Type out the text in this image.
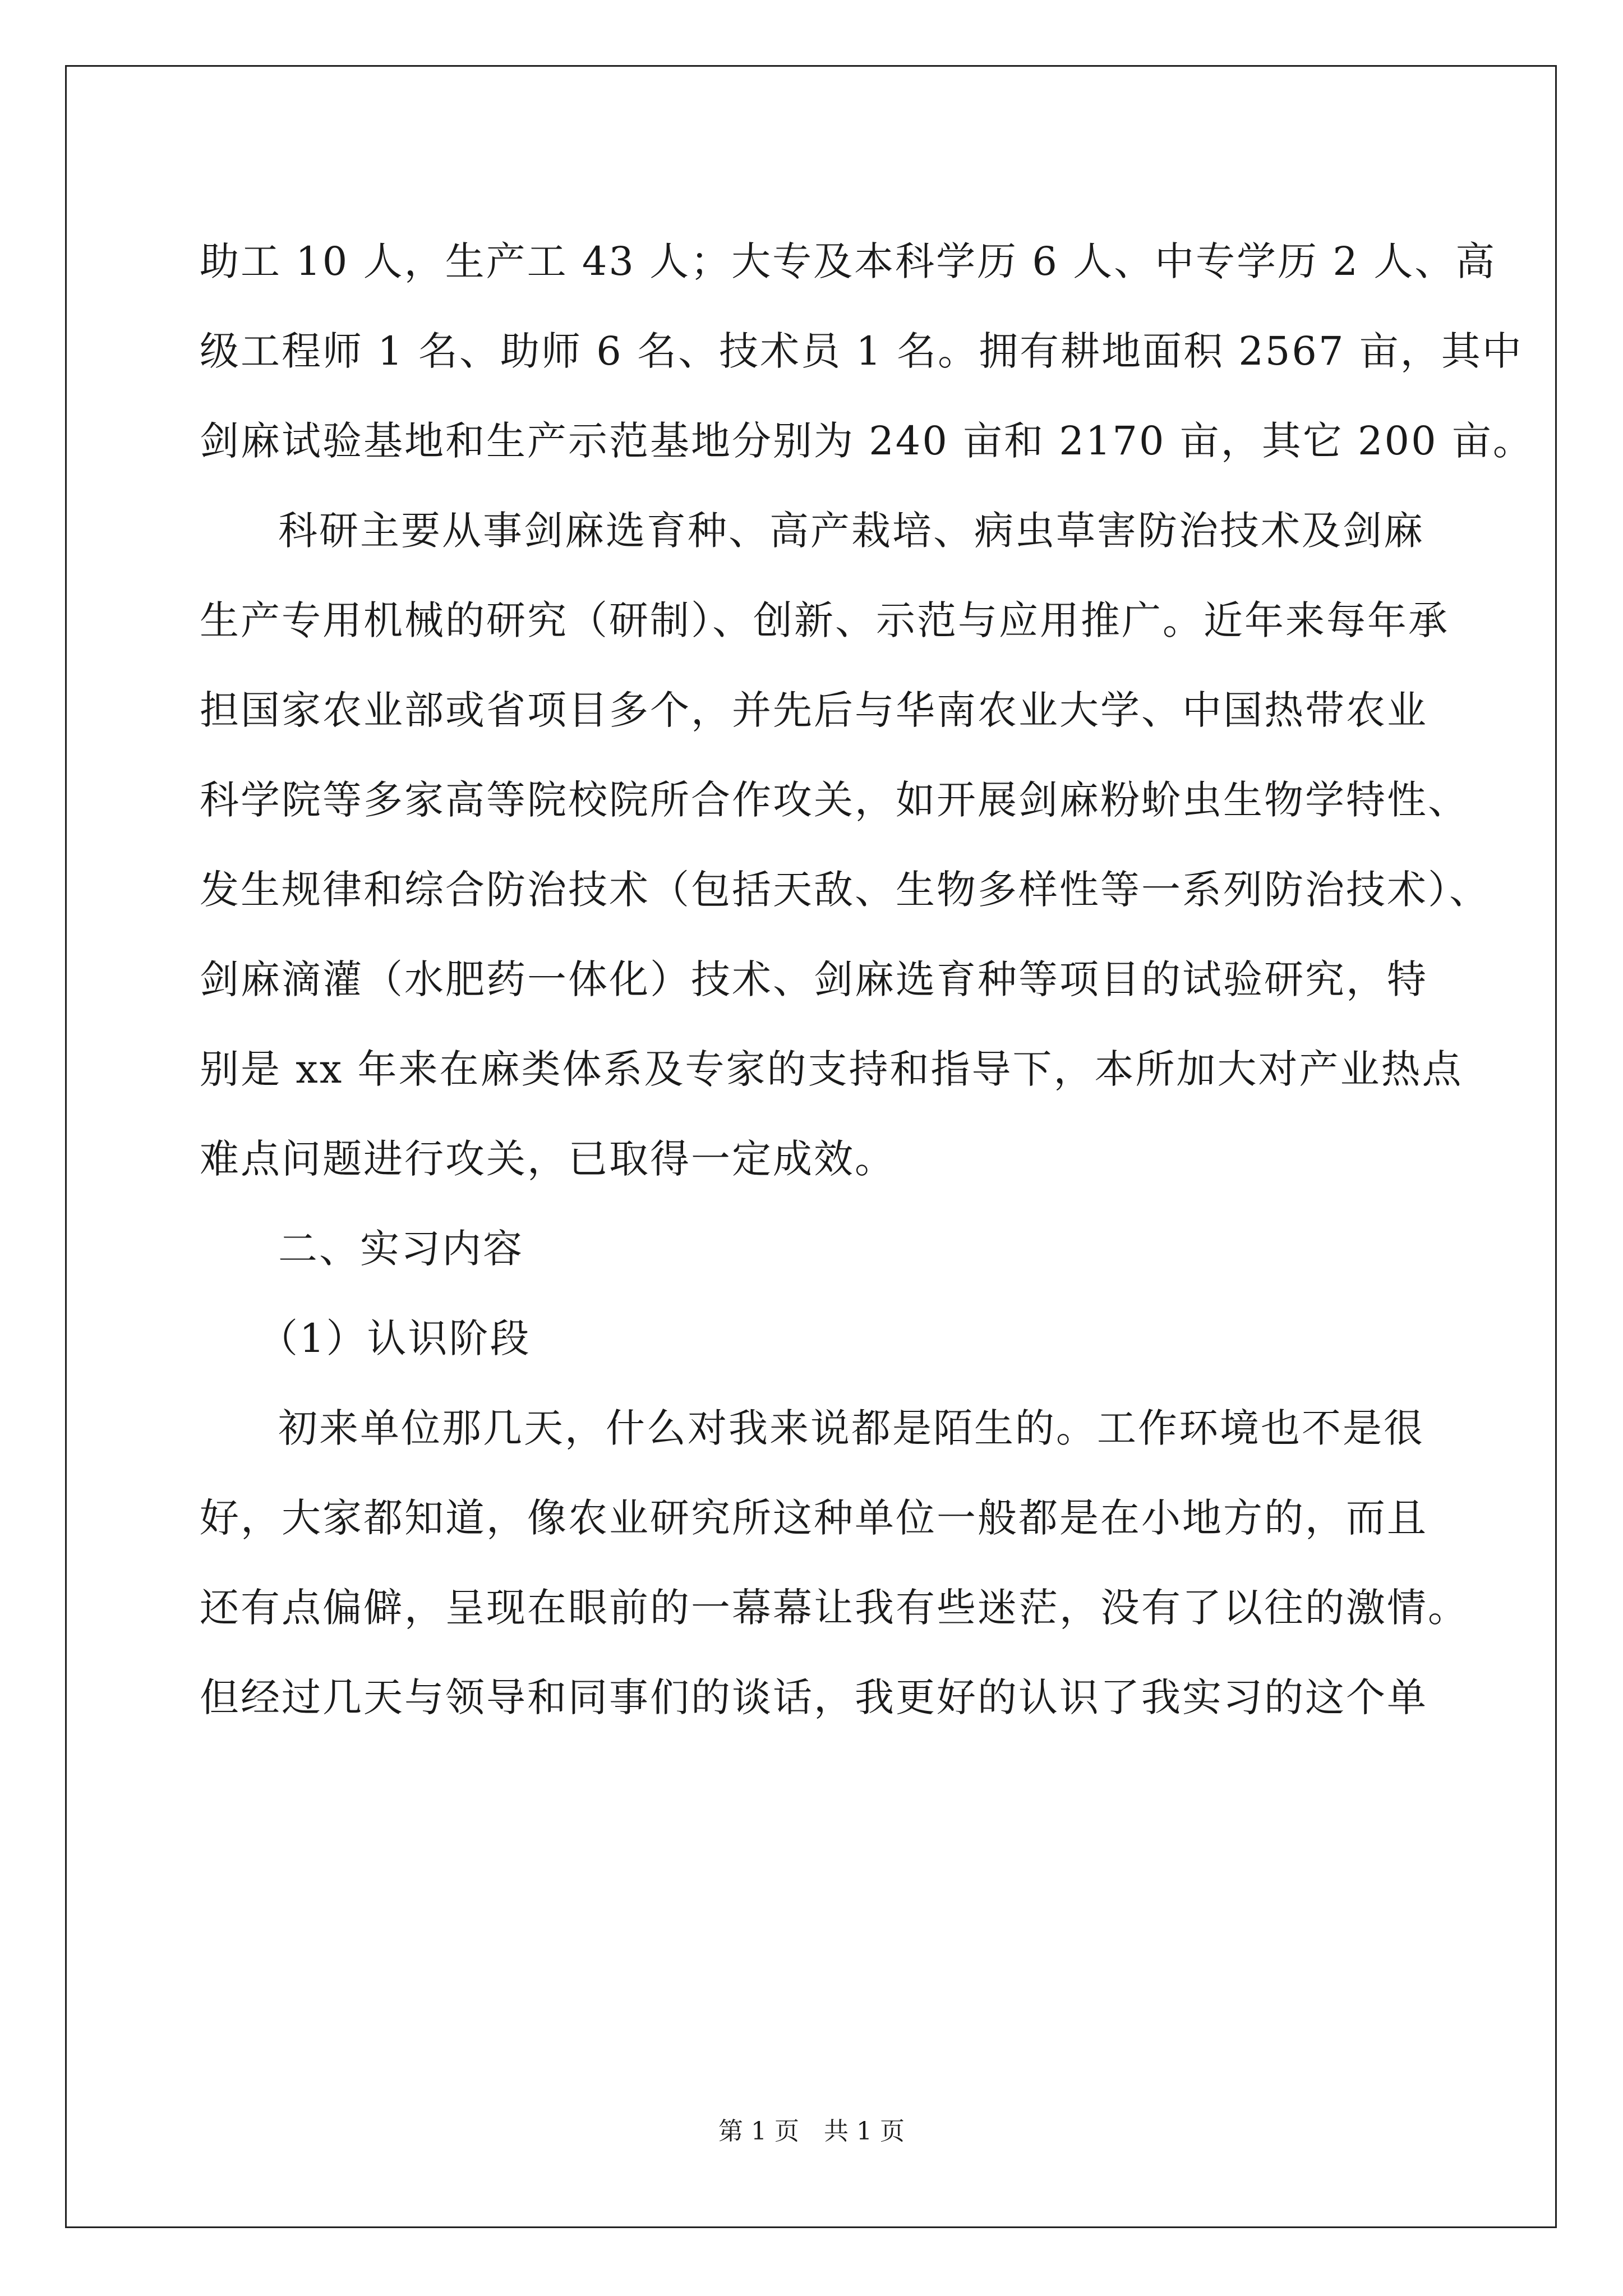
助工 10 人，生产工 43 人；大专及本科学历 6 人、中专学历 2 人、高
级工程师 1 名、助师 6 名、技术员 1 名。拥有耕地面积 2567 亩，其中
剑麻试验基地和生产示范基地分别为 240 亩和 2170 亩，其它 200 亩。
科研主要从事剑麻选育种、高产栽培、病虫草害防治技术及剑麻
生产专用机械的研究（研制）、创新、示范与应用推广。近年来每年承
担国家农业部或省项目多个，并先后与华南农业大学、中国热带农业
科学院等多家高等院校院所合作攻关，如开展剑麻粉蚧虫生物学特性、
发生规律和综合防治技术（包括天敌、生物多样性等一系列防治技术）、
剑麻滴灌（水肥药一体化）技术、剑麻选育种等项目的试验研究，特
别是 xx 年来在麻类体系及专家的支持和指导下，本所加大对产业热点
难点问题进行攻关，已取得一定成效。
二、实习内容
（1）认识阶段
初来单位那几天，什么对我来说都是陌生的。工作环境也不是很
好，大家都知道，像农业研究所这种单位一般都是在小地方的，而且
还有点偏僻，呈现在眼前的一幕幕让我有些迷茫，没有了以往的激情。
但经过几天与领导和同事们的谈话，我更好的认识了我实习的这个单
第 1 页　共 1 页
